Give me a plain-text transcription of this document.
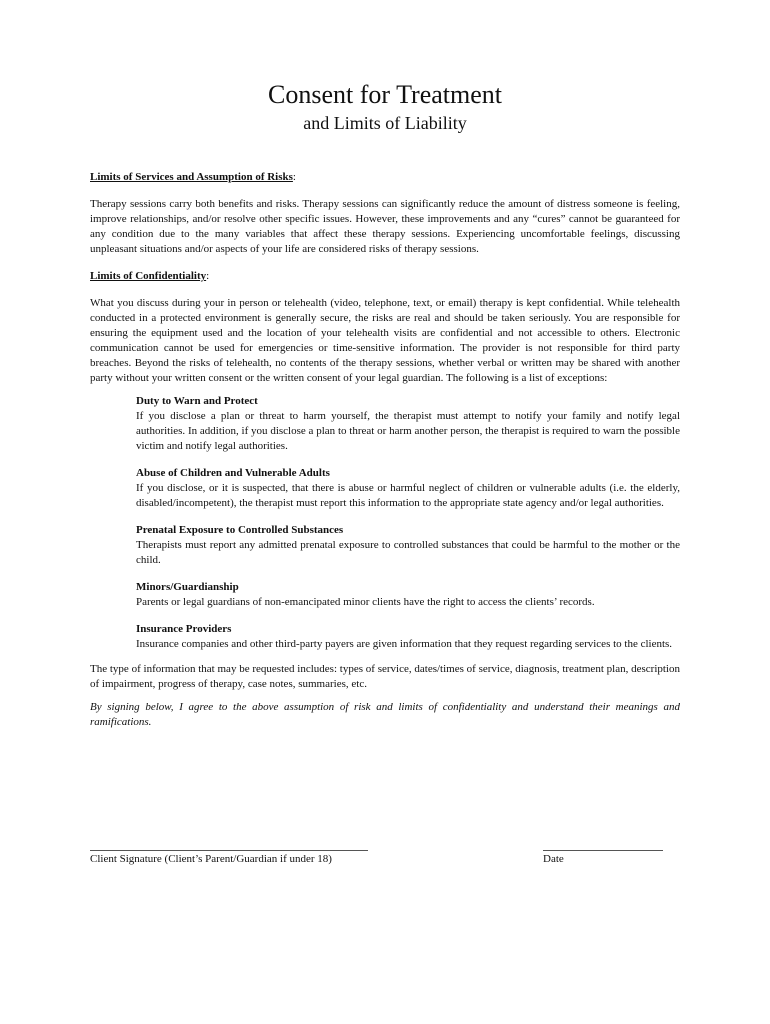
Consent for Treatment
and Limits of Liability

Limits of Services and Assumption of Risks:

Therapy sessions carry both benefits and risks. Therapy sessions can significantly reduce the amount of distress someone is feeling, improve relationships, and/or resolve other specific issues. However, these improvements and any “cures” cannot be guaranteed for any condition due to the many variables that affect these therapy sessions. Experiencing uncomfortable feelings, discussing unpleasant situations and/or aspects of your life are considered risks of therapy sessions.

Limits of Confidentiality:

What you discuss during your in person or telehealth (video, telephone, text, or email) therapy is kept confidential. While telehealth conducted in a protected environment is generally secure, the risks are real and should be taken seriously. You are responsible for ensuring the equipment used and the location of your telehealth visits are confidential and not accessible to others. Electronic communication cannot be used for emergencies or time-sensitive information. The provider is not responsible for third party breaches. Beyond the risks of telehealth, no contents of the therapy sessions, whether verbal or written may be shared with another party without your written consent or the written consent of your legal guardian. The following is a list of exceptions:

Duty to Warn and Protect

If you disclose a plan or threat to harm yourself, the therapist must attempt to notify your family and notify legal authorities. In addition, if you disclose a plan to threat or harm another person, the therapist is required to warn the possible victim and notify legal authorities.

Abuse of Children and Vulnerable Adults

If you disclose, or it is suspected, that there is abuse or harmful neglect of children or vulnerable adults (i.e. the elderly, disabled/incompetent), the therapist must report this information to the appropriate state agency and/or legal authorities.

Prenatal Exposure to Controlled Substances

Therapists must report any admitted prenatal exposure to controlled substances that could be harmful to the mother or the child.

Minors/Guardianship

Parents or legal guardians of non-emancipated minor clients have the right to access the clients’ records.

Insurance Providers

Insurance companies and other third-party payers are given information that they request regarding services to the clients.

The type of information that may be requested includes: types of service, dates/times of service, diagnosis, treatment plan, description of impairment, progress of therapy, case notes, summaries, etc.

By signing below, I agree to the above assumption of risk and limits of confidentiality and understand their meanings and ramifications.

Client Signature (Client’s Parent/Guardian if under 18)	Date
